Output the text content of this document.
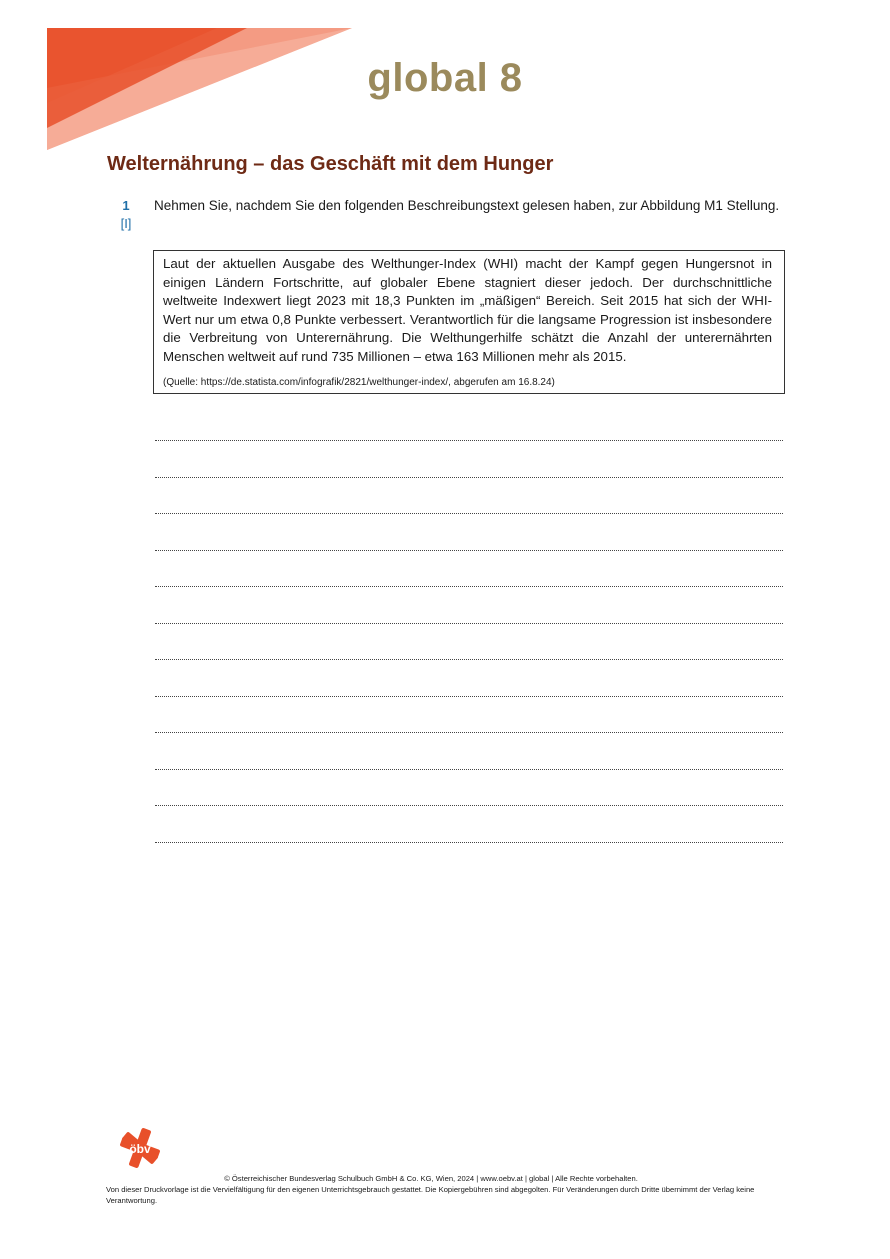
global 8
Welternährung – das Geschäft mit dem Hunger
1
[I]
Nehmen Sie, nachdem Sie den folgenden Beschreibungstext gelesen haben, zur Abbildung M1 Stellung.

Laut der aktuellen Ausgabe des Welthunger-Index (WHI) macht der Kampf gegen Hungersnot in einigen Ländern Fortschritte, auf globaler Ebene stagniert dieser jedoch. Der durchschnittliche weltweite Indexwert liegt 2023 mit 18,3 Punkten im „mäßigen“ Bereich. Seit 2015 hat sich der WHI-Wert nur um etwa 0,8 Punkte verbessert. Verantwortlich für die langsame Progression ist insbesondere die Verbreitung von Unterernährung. Die Welthungerhilfe schätzt die Anzahl der unterernährten Menschen weltweit auf rund 735 Millionen – etwa 163 Millionen mehr als 2015.

(Quelle: https://de.statista.com/infografik/2821/welthunger-index/, abgerufen am 16.8.24)

öbv
© Österreichischer Bundesverlag Schulbuch GmbH & Co. KG, Wien, 2024 | www.oebv.at | global | Alle Rechte vorbehalten.
Von dieser Druckvorlage ist die Vervielfältigung für den eigenen Unterrichtsgebrauch gestattet. Die Kopiergebühren sind abgegolten. Für Veränderungen durch Dritte übernimmt der Verlag keine Verantwortung.
